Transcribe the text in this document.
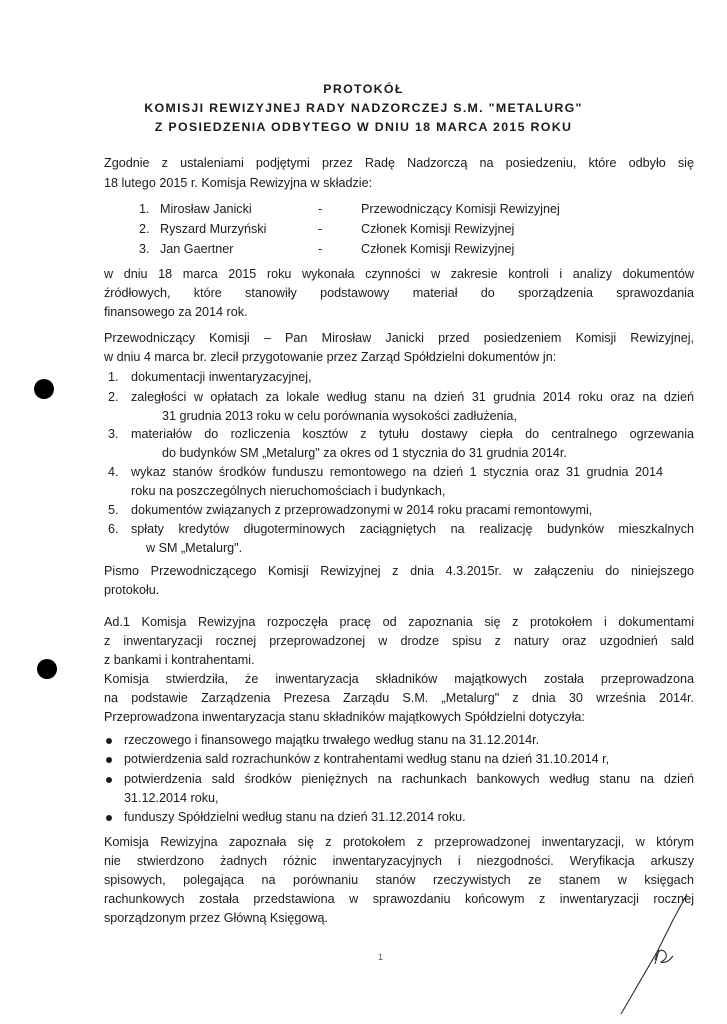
PROTOKÓŁ
KOMISJI REWIZYJNEJ RADY NADZORCZEJ S.M. "METALURG"
Z POSIEDZENIA ODBYTEGO W DNIU 18 MARCA 2015 ROKU
Zgodnie z ustaleniami podjętymi przez Radę Nadzorczą na posiedzeniu, które odbyło się
18 lutego 2015 r. Komisja Rewizyjna w składzie:
1. Mirosław Janicki	-	Przewodniczący Komisji Rewizyjnej
2. Ryszard Murzyński	-	Członek Komisji Rewizyjnej
3. Jan Gaertner	-	Członek Komisji Rewizyjnej
w dniu 18 marca 2015 roku wykonała czynności w zakresie kontroli i analizy dokumentów
źródłowych, które stanowiły podstawowy materiał do sporządzenia sprawozdania
finansowego za 2014 rok.
Przewodniczący Komisji – Pan Mirosław Janicki przed posiedzeniem Komisji Rewizyjnej,
w dniu 4 marca br. zlecił przygotowanie przez Zarząd Spółdzielni dokumentów jn:
1. dokumentacji inwentaryzacyjnej,
2. zaległości w opłatach za lokale według stanu na dzień 31 grudnia 2014 roku oraz na dzień
31 grudnia 2013 roku w celu porównania wysokości zadłużenia,
3. materiałów do rozliczenia kosztów z tytułu dostawy ciepła do centralnego ogrzewania
do budynków SM „Metalurg" za okres od 1 stycznia do 31 grudnia 2014r.
4. wykaz stanów środków funduszu remontowego na dzień 1 stycznia oraz 31 grudnia 2014
roku na poszczególnych nieruchomościach i budynkach,
5. dokumentów związanych z przeprowadzonymi w 2014 roku pracami remontowymi,
6. spłaty kredytów długoterminowych zaciągniętych na realizację budynków mieszkalnych
w SM „Metalurg".
Pismo Przewodniczącego Komisji Rewizyjnej z dnia 4.3.2015r. w załączeniu do niniejszego
protokołu.
Ad.1 Komisja Rewizyjna rozpoczęła pracę od zapoznania się z protokołem i dokumentami
z inwentaryzacji rocznej przeprowadzonej w drodze spisu z natury oraz uzgodnień sald
z bankami i kontrahentami.
Komisja stwierdziła, że inwentaryzacja składników majątkowych została przeprowadzona
na podstawie Zarządzenia Prezesa Zarządu S.M. „Metalurg" z dnia 30 września 2014r.
Przeprowadzona inwentaryzacja stanu składników majątkowych Spółdzielni dotyczyła:
rzeczowego i finansowego majątku trwałego według stanu na 31.12.2014r.
potwierdzenia sald rozrachunków z kontrahentami według stanu na dzień 31.10.2014 r,
potwierdzenia sald środków pieniężnych na rachunkach bankowych według stanu na dzień
31.12.2014 roku,
funduszy Spółdzielni według stanu na dzień 31.12.2014 roku.
Komisja Rewizyjna zapoznała się z protokołem z przeprowadzonej inwentaryzacji, w którym
nie stwierdzono żadnych różnic inwentaryzacyjnych i niezgodności. Weryfikacja arkuszy
spisowych, polegająca na porównaniu stanów rzeczywistych ze stanem w księgach
rachunkowych została przedstawiona w sprawozdaniu końcowym z inwentaryzacji rocznej
sporządzonym przez Główną Księgową.
1
